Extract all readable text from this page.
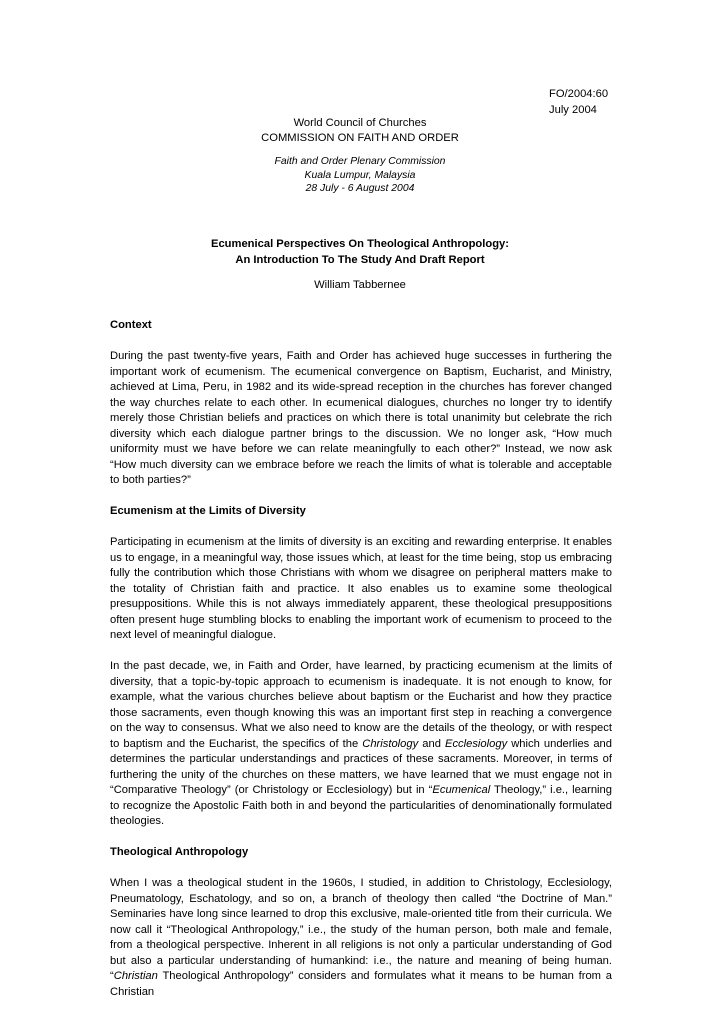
FO/2004:60
July 2004
World Council of Churches
COMMISSION ON FAITH AND ORDER
Faith and Order Plenary Commission
Kuala Lumpur, Malaysia
28 July - 6 August 2004
Ecumenical Perspectives On Theological Anthropology:
An Introduction To The Study And Draft Report
William Tabbernee
Context

During the past twenty-five years, Faith and Order has achieved huge successes in furthering the important work of ecumenism. The ecumenical convergence on Baptism, Eucharist, and Ministry, achieved at Lima, Peru, in 1982 and its wide-spread reception in the churches has forever changed the way churches relate to each other. In ecumenical dialogues, churches no longer try to identify merely those Christian beliefs and practices on which there is total unanimity but celebrate the rich diversity which each dialogue partner brings to the discussion. We no longer ask, “How much uniformity must we have before we can relate meaningfully to each other?” Instead, we now ask “How much diversity can we embrace before we reach the limits of what is tolerable and acceptable to both parties?”

Ecumenism at the Limits of Diversity

Participating in ecumenism at the limits of diversity is an exciting and rewarding enterprise. It enables us to engage, in a meaningful way, those issues which, at least for the time being, stop us embracing fully the contribution which those Christians with whom we disagree on peripheral matters make to the totality of Christian faith and practice. It also enables us to examine some theological presuppositions. While this is not always immediately apparent, these theological presuppositions often present huge stumbling blocks to enabling the important work of ecumenism to proceed to the next level of meaningful dialogue.

In the past decade, we, in Faith and Order, have learned, by practicing ecumenism at the limits of diversity, that a topic-by-topic approach to ecumenism is inadequate. It is not enough to know, for example, what the various churches believe about baptism or the Eucharist and how they practice those sacraments, even though knowing this was an important first step in reaching a convergence on the way to consensus. What we also need to know are the details of the theology, or with respect to baptism and the Eucharist, the specifics of the Christology and Ecclesiology which underlies and determines the particular understandings and practices of these sacraments. Moreover, in terms of furthering the unity of the churches on these matters, we have learned that we must engage not in “Comparative Theology” (or Christology or Ecclesiology) but in “Ecumenical Theology,” i.e., learning to recognize the Apostolic Faith both in and beyond the particularities of denominationally formulated theologies.

Theological Anthropology

When I was a theological student in the 1960s, I studied, in addition to Christology, Ecclesiology, Pneumatology, Eschatology, and so on, a branch of theology then called “the Doctrine of Man.” Seminaries have long since learned to drop this exclusive, male-oriented title from their curricula. We now call it “Theological Anthropology,” i.e., the study of the human person, both male and female, from a theological perspective. Inherent in all religions is not only a particular understanding of God but also a particular understanding of humankind: i.e., the nature and meaning of being human. “Christian Theological Anthropology” considers and formulates what it means to be human from a Christian
